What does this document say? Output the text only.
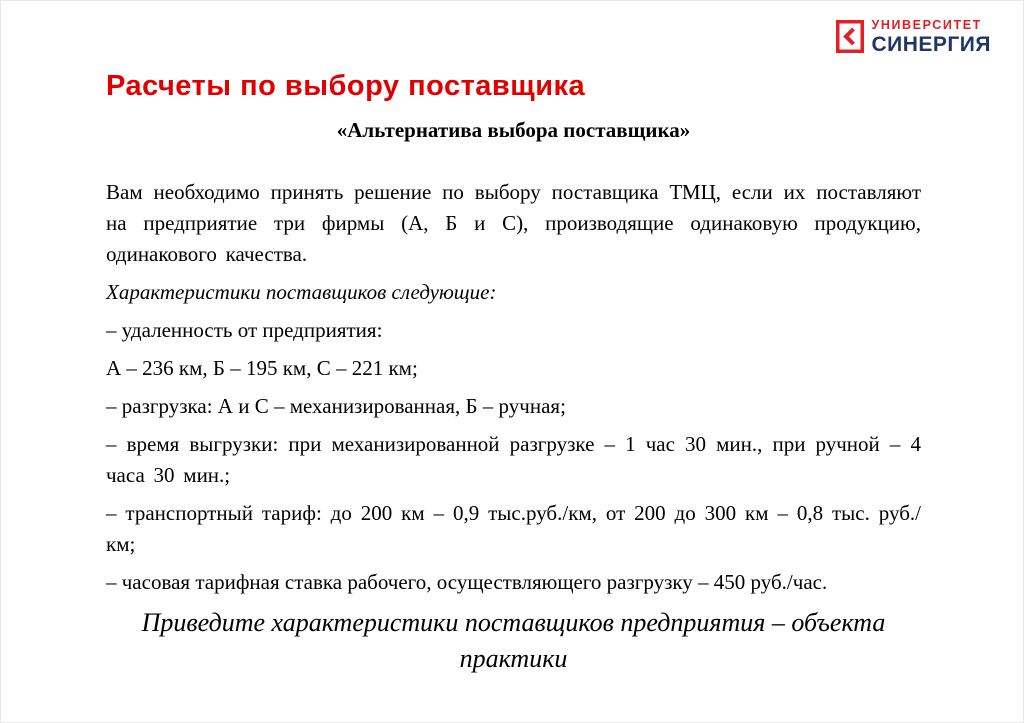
Расчеты по выбору поставщика
УНИВЕРСИТЕТ
СИНЕРГИЯ

«Альтернатива выбора поставщика»

Вам необходимо принять решение по выбору поставщика ТМЦ, если их поставляют на предприятие три фирмы (А, Б и С), производящие одинаковую продукцию, одинакового качества.

Характеристики поставщиков следующие:

– удаленность от предприятия:

А – 236 км, Б – 195 км, С – 221 км;

– разгрузка: А и С – механизированная, Б – ручная;

– время выгрузки: при механизированной разгрузке – 1 час 30 мин., при ручной – 4 часа 30 мин.;

– транспортный тариф: до 200 км – 0,9 тыс.руб./км, от 200 до 300 км – 0,8 тыс. руб./км;

– часовая тарифная ставка рабочего, осуществляющего разгрузку – 450 руб./час.

Приведите характеристики поставщиков предприятия – объекта практики
